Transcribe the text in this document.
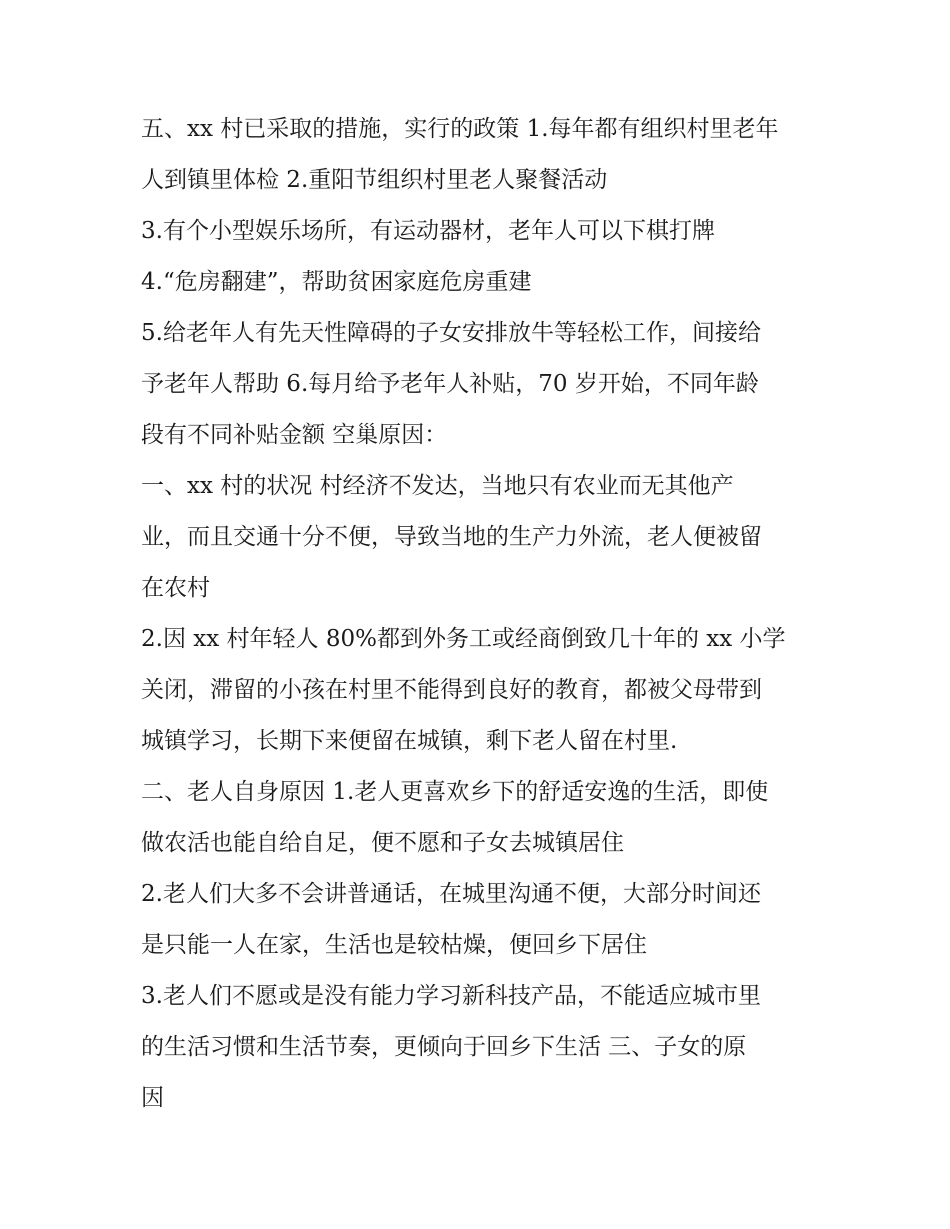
五、xx 村已采取的措施，实行的政策 1.每年都有组织村里老年
人到镇里体检 2.重阳节组织村里老人聚餐活动
3.有个小型娱乐场所，有运动器材，老年人可以下棋打牌
4.“危房翻建”，帮助贫困家庭危房重建
5.给老年人有先天性障碍的子女安排放牛等轻松工作，间接给
予老年人帮助 6.每月给予老年人补贴，70 岁开始，不同年龄
段有不同补贴金额 空巢原因：
一、xx 村的状况 村经济不发达，当地只有农业而无其他产
业，而且交通十分不便，导致当地的生产力外流，老人便被留
在农村
2.因 xx 村年轻人 80%都到外务工或经商倒致几十年的 xx 小学
关闭，滞留的小孩在村里不能得到良好的教育，都被父母带到
城镇学习，长期下来便留在城镇，剩下老人留在村里.
二、老人自身原因 1.老人更喜欢乡下的舒适安逸的生活，即使
做农活也能自给自足，便不愿和子女去城镇居住
2.老人们大多不会讲普通话，在城里沟通不便，大部分时间还
是只能一人在家，生活也是较枯燥，便回乡下居住
3.老人们不愿或是没有能力学习新科技产品，不能适应城市里
的生活习惯和生活节奏，更倾向于回乡下生活 三、子女的原
因
